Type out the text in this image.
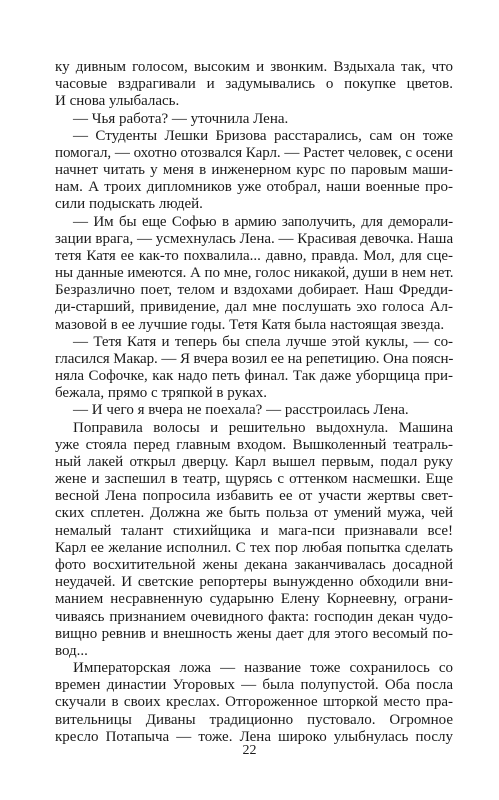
ку дивным голосом, высоким и звонким. Вздыхала так, что
часовые вздрагивали и задумывались о покупке цветов.
И снова улыбалась.
— Чья работа? — уточнила Лена.
— Студенты Лешки Бризова расстарались, сам он тоже
помогал, — охотно отозвался Карл. — Растет человек, с осени
начнет читать у меня в инженерном курс по паровым маши-
нам. А троих дипломников уже отобрал, наши военные про-
сили подыскать людей.
— Им бы еще Софью в армию заполучить, для деморали-
зации врага, — усмехнулась Лена. — Красивая девочка. Наша
тетя Катя ее как-то похвалила... давно, правда. Мол, для сце-
ны данные имеются. А по мне, голос никакой, души в нем нет.
Безразлично поет, телом и вздохами добирает. Наш Фредди-
ди-старший, привидение, дал мне послушать эхо голоса Ал-
мазовой в ее лучшие годы. Тетя Катя была настоящая звезда.
— Тетя Катя и теперь бы спела лучше этой куклы, — со-
гласился Макар. — Я вчера возил ее на репетицию. Она поясн-
няла Софочке, как надо петь финал. Так даже уборщица при-
бежала, прямо с тряпкой в руках.
— И чего я вчера не поехала? — расстроилась Лена.
Поправила волосы и решительно выдохнула. Машина
уже стояла перед главным входом. Вышколенный театраль-
ный лакей открыл дверцу. Карл вышел первым, подал руку
жене и заспешил в театр, щурясь с оттенком насмешки. Еще
весной Лена попросила избавить ее от участи жертвы свет-
ских сплетен. Должна же быть польза от умений мужа, чей
немалый талант стихийщика и мага-пси признавали все!
Карл ее желание исполнил. С тех пор любая попытка сделать
фото восхитительной жены декана заканчивалась досадной
неудачей. И светские репортеры вынужденно обходили вни-
манием несравненную сударыню Елену Корнеевну, ограни-
чиваясь признанием очевидного факта: господин декан чудо-
вищно ревнив и внешность жены дает для этого весомый по-
вод...
Императорская ложа — название тоже сохранилось со
времен династии Угоровых — была полупустой. Оба посла
скучали в своих креслах. Отгороженное шторкой место пра-
вительницы Диваны традиционно пустовало. Огромное
кресло Потапыча — тоже. Лена широко улыбнулась послу
22
